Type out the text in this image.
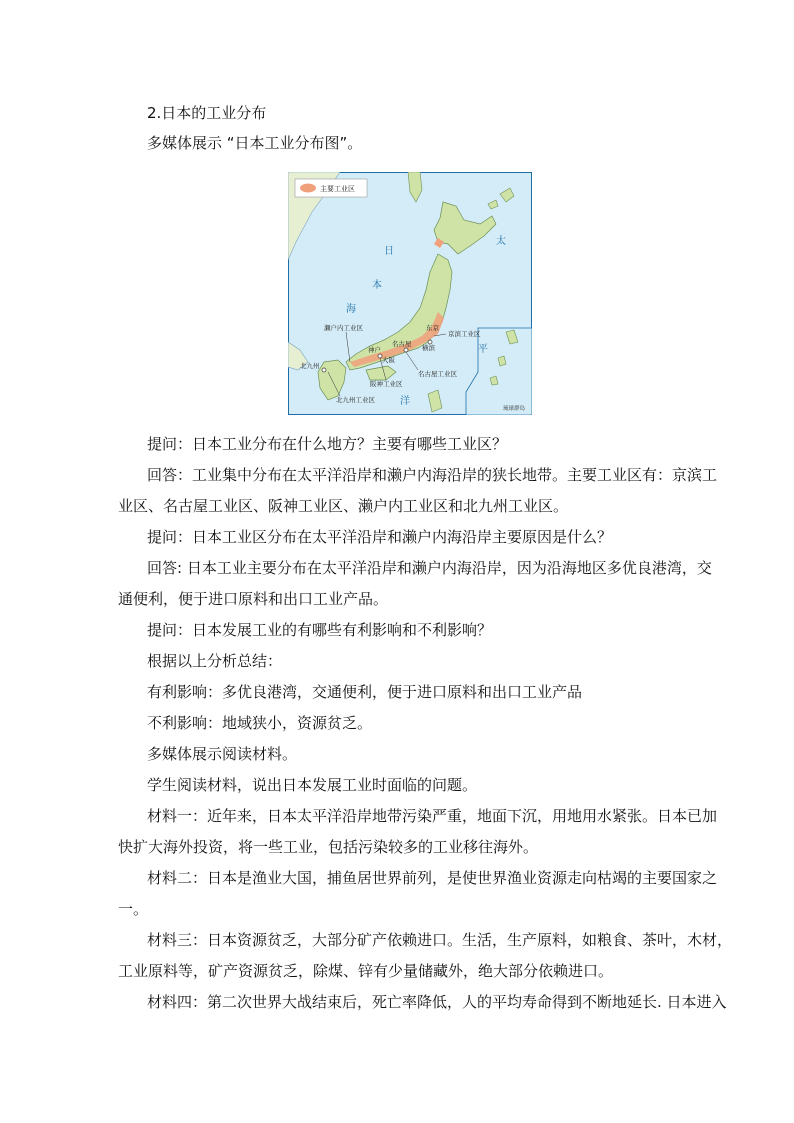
2.日本的工业分布
多媒体展示 “日本工业分布图”。
主要工业区
日
本
海
太
平
洋
东京
横滨
名古屋
神户
大阪
北九州
瀬户内工业区
京滨工业区
名古屋工业区
阪神工业区
北九州工业区
琉球群岛
提问：日本工业分布在什么地方？主要有哪些工业区？
回答：工业集中分布在太平洋沿岸和濑户内海沿岸的狭长地带。主要工业区有：京滨工
业区、名古屋工业区、阪神工业区、濑户内工业区和北九州工业区。
提问：日本工业区分布在太平洋沿岸和濑户内海沿岸主要原因是什么？
回答: 日本工业主要分布在太平洋沿岸和濑户内海沿岸，因为沿海地区多优良港湾，交
通便利，便于进口原料和出口工业产品。
提问：日本发展工业的有哪些有利影响和不利影响？
根据以上分析总结：
有利影响：多优良港湾，交通便利，便于进口原料和出口工业产品
不利影响：地域狭小，资源贫乏。
多媒体展示阅读材料。
学生阅读材料，说出日本发展工业时面临的问题。
材料一：近年来，日本太平洋沿岸地带污染严重，地面下沉，用地用水紧张。日本已加
快扩大海外投资，将一些工业，包括污染较多的工业移往海外。
材料二：日本是渔业大国，捕鱼居世界前列，是使世界渔业资源走向枯竭的主要国家之
一。
材料三：日本资源贫乏，大部分矿产依赖进口。生活，生产原料，如粮食、茶叶，木材，
工业原料等，矿产资源贫乏，除煤、锌有少量储藏外，绝大部分依赖进口。
材料四：第二次世界大战结束后，死亡率降低，人的平均寿命得到不断地延长. 日本进入
